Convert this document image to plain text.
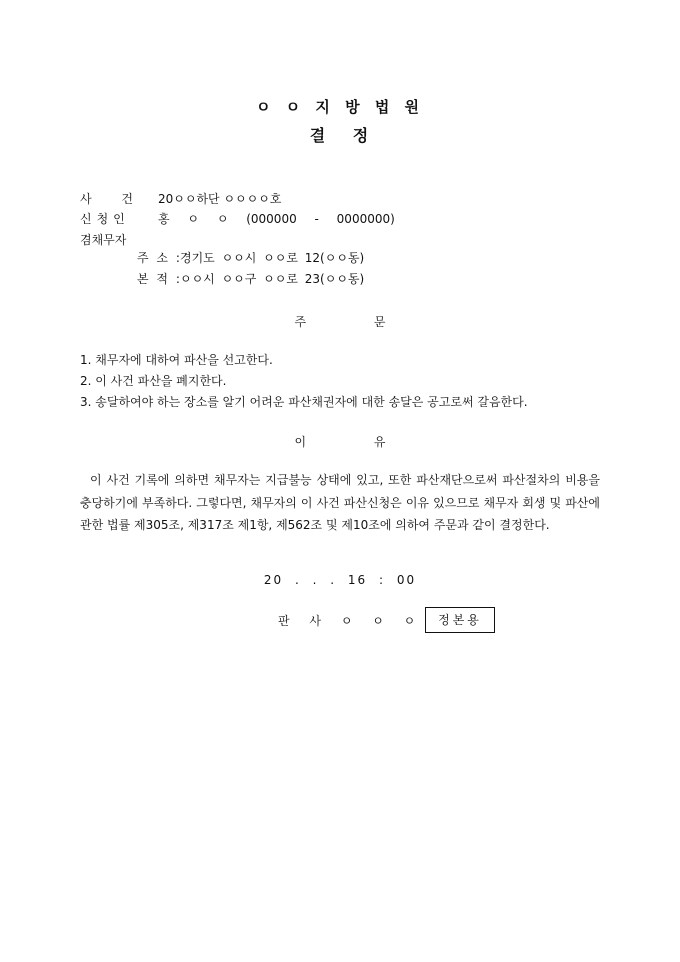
ㅇ ㅇ 지 방 법 원
결 정
사 건 20ㅇㅇ하단 ㅇㅇㅇㅇ호
신청인 홍 ㅇ ㅇ (000000 - 0000000)
겸채무자
주 소 : 경기도 ㅇㅇ시 ㅇㅇ로 12(ㅇㅇ동)
본 적 : ㅇㅇ시 ㅇㅇ구 ㅇㅇ로 23(ㅇㅇ동)
주 문
1. 채무자에 대하여 파산을 선고한다.
2. 이 사건 파산을 폐지한다.
3. 송달하여야 하는 장소를 알기 어려운 파산채권자에 대한 송달은 공고로써 갈음한다.
이 유
이 사건 기록에 의하면 채무자는 지급불능 상태에 있고, 또한 파산재단으로써 파산절차의 비용을 충당하기에 부족하다. 그렇다면, 채무자의 이 사건 파산신청은 이유 있으므로 채무자 회생 및 파산에 관한 법률 제305조, 제317조 제1항, 제562조 및 제10조에 의하여 주문과 같이 결정한다.
20 . . . 16 : 00
판 사 ㅇ ㅇ ㅇ	정본용
